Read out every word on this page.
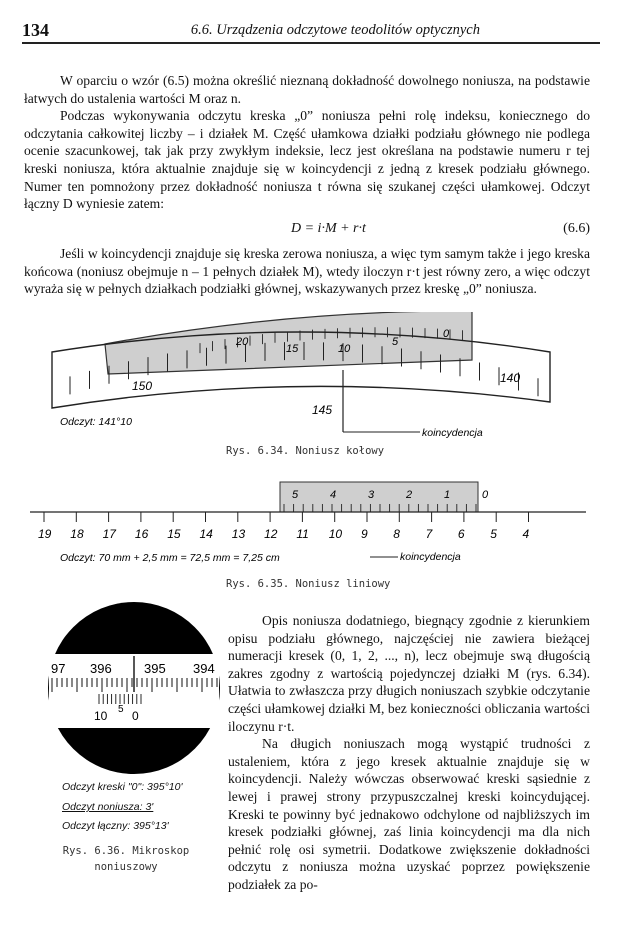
134	6.6. Urządzenia odczytowe teodolitów optycznych

W oparciu o wzór (6.5) można określić nieznaną dokładność dowolnego noniusza, na podstawie łatwych do ustalenia wartości M oraz n.

Podczas wykonywania odczytu kreska „0” noniusza pełni rolę indeksu, koniecznego do odczytania całkowitej liczby – i działek M. Część ułamkowa działki podziału głównego nie podlega ocenie szacunkowej, tak jak przy zwykłym indeksie, lecz jest określana na podstawie numeru r tej kreski noniusza, która aktualnie znajduje się w koincydencji z jedną z kresek podziału głównego. Numer ten pomnożony przez dokładność noniusza t równa się szukanej części ułamkowej. Odczyt łączny D wyniesie zatem:

D = i·M + r·t	(6.6)

Jeśli w koincydencji znajduje się kreska zerowa noniusza, a więc tym samym także i jego kreska końcowa (noniusz obejmuje n – 1 pełnych działek M), wtedy iloczyn r·t jest równy zero, a więc odczyt wyraża się w pełnych działkach podziałki głównej, wskazywanych przez kreskę „0” noniusza.

20
15	10
5
0
150
145
140
Odczyt: 141°10
koincydencja
Rys. 6.34. Noniusz kołowy
5	4	3	2	1	0
19 18 17 16 15 14 13 12 11 10 9 8 7 6 5 4
Odczyt: 70 mm + 2,5 mm = 72,5 mm = 7,25 cm	koincydencja
Rys. 6.35. Noniusz liniowy
97 396 395 394
10 5 0
Odczyt kreski "0": 395°10'
Odczyt noniusza: 3'
Odczyt łączny: 395°13'
Rys. 6.36. Mikroskop noniuszowy

Opis noniusza dodatniego, biegnący zgodnie z kierunkiem opisu podziału głównego, najczęściej nie zawiera bieżącej numeracji kresek (0, 1, 2, ..., n), lecz obejmuje swą długością zakres zgodny z wartością pojedynczej działki M (rys. 6.34). Ułatwia to zwłaszcza przy długich noniuszach szybkie odczytanie części ułamkowej działki M, bez konieczności obliczania wartości iloczynu r·t.

Na długich noniuszach mogą wystąpić trudności z ustaleniem, która z jego kresek aktualnie znajduje się w koincydencji. Należy wówczas obserwować kreski sąsiednie z lewej i prawej strony przypuszczalnej kreski koincydującej. Kreski te powinny być jednakowo odchylone od najbliższych im kresek podziałki głównej, zaś linia koincydencji ma dla nich pełnić rolę osi symetrii. Dodatkowe zwiększenie dokładności odczytu z noniusza można uzyskać poprzez powiększenie podziałek za po-
